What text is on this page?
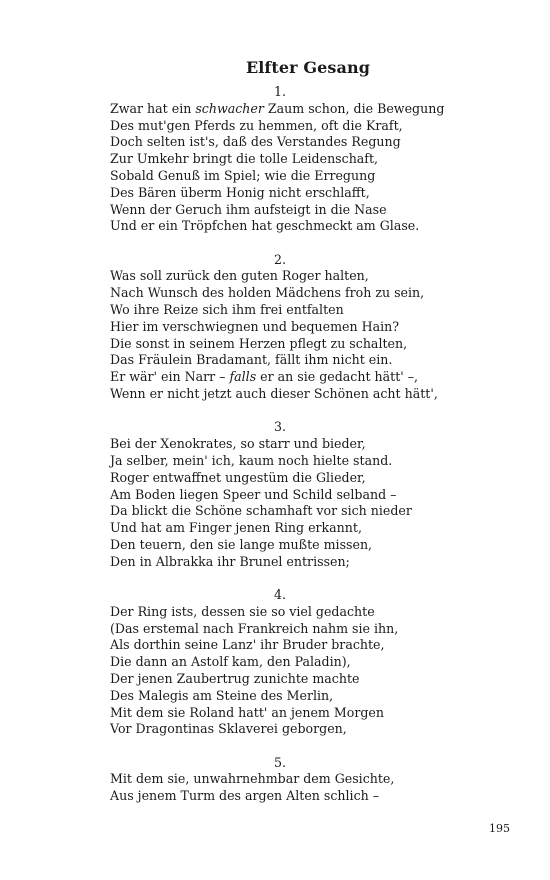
Elfter Gesang
1.
Zwar hat ein schwacher Zaum schon, die Bewegung
Des mut'gen Pferds zu hemmen, oft die Kraft,
Doch selten ist's, daß des Verstandes Regung
Zur Umkehr bringt die tolle Leidenschaft,
Sobald Genuß im Spiel; wie die Erregung
Des Bären überm Honig nicht erschlafft,
Wenn der Geruch ihm aufsteigt in die Nase
Und er ein Tröpfchen hat geschmeckt am Glase.
2.
Was soll zurück den guten Roger halten,
Nach Wunsch des holden Mädchens froh zu sein,
Wo ihre Reize sich ihm frei entfalten
Hier im verschwiegnen und bequemen Hain?
Die sonst in seinem Herzen pflegt zu schalten,
Das Fräulein Bradamant, fällt ihm nicht ein.
Er wär' ein Narr – falls er an sie gedacht hätt' –,
Wenn er nicht jetzt auch dieser Schönen acht hätt',
3.
Bei der Xenokrates, so starr und bieder,
Ja selber, mein' ich, kaum noch hielte stand.
Roger entwaffnet ungestüm die Glieder,
Am Boden liegen Speer und Schild selband –
Da blickt die Schöne schamhaft vor sich nieder
Und hat am Finger jenen Ring erkannt,
Den teuern, den sie lange mußte missen,
Den in Albrakka ihr Brunel entrissen;
4.
Der Ring ists, dessen sie so viel gedachte
(Das erstemal nach Frankreich nahm sie ihn,
Als dorthin seine Lanz' ihr Bruder brachte,
Die dann an Astolf kam, den Paladin),
Der jenen Zaubertrug zunichte machte
Des Malegis am Steine des Merlin,
Mit dem sie Roland hatt' an jenem Morgen
Vor Dragontinas Sklaverei geborgen,
5.
Mit dem sie, unwahrnehmbar dem Gesichte,
Aus jenem Turm des argen Alten schlich –
195
